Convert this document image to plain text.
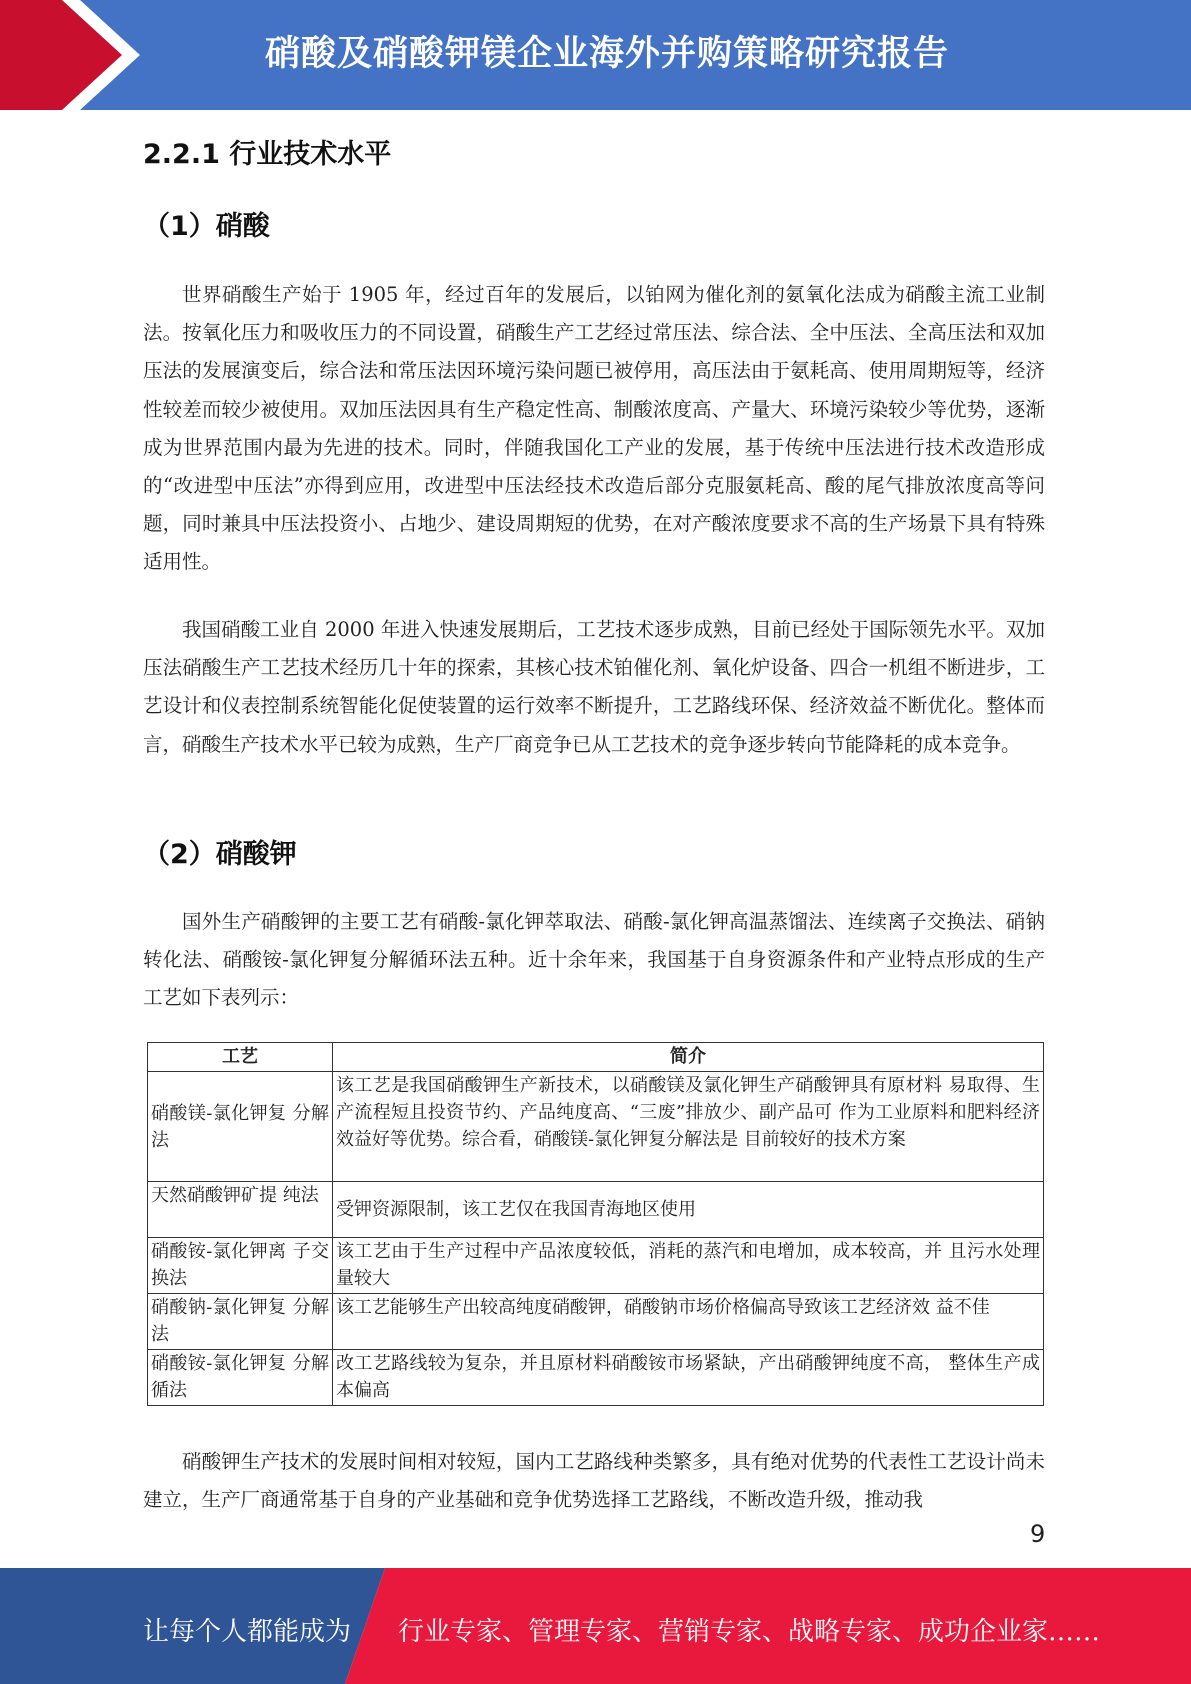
硝酸及硝酸钾镁企业海外并购策略研究报告
2.2.1 行业技术水平
（1）硝酸

世界硝酸生产始于 1905 年，经过百年的发展后，以铂网为催化剂的氨氧化法成为硝酸主流工业制法。按氧化压力和吸收压力的不同设置，硝酸生产工艺经过常压法、综合法、全中压法、全高压法和双加压法的发展演变后，综合法和常压法因环境污染问题已被停用，高压法由于氨耗高、使用周期短等，经济性较差而较少被使用。双加压法因具有生产稳定性高、制酸浓度高、产量大、环境污染较少等优势，逐渐成为世界范围内最为先进的技术。同时，伴随我国化工产业的发展，基于传统中压法进行技术改造形成的“改进型中压法”亦得到应用，改进型中压法经技术改造后部分克服氨耗高、酸的尾气排放浓度高等问题，同时兼具中压法投资小、占地少、建设周期短的优势，在对产酸浓度要求不高的生产场景下具有特殊适用性。

我国硝酸工业自 2000 年进入快速发展期后，工艺技术逐步成熟，目前已经处于国际领先水平。双加压法硝酸生产工艺技术经历几十年的探索，其核心技术铂催化剂、氧化炉设备、四合一机组不断进步，工艺设计和仪表控制系统智能化促使装置的运行效率不断提升，工艺路线环保、经济效益不断优化。整体而言，硝酸生产技术水平已较为成熟，生产厂商竞争已从工艺技术的竞争逐步转向节能降耗的成本竞争。

（2）硝酸钾

国外生产硝酸钾的主要工艺有硝酸-氯化钾萃取法、硝酸-氯化钾高温蒸馏法、连续离子交换法、硝钠转化法、硝酸铵-氯化钾复分解循环法五种。近十余年来，我国基于自身资源条件和产业特点形成的生产工艺如下表列示：

工艺	简介
硝酸镁-氯化钾复 分解法	该工艺是我国硝酸钾生产新技术，以硝酸镁及氯化钾生产硝酸钾具有原材料 易取得、生产流程短且投资节约、产品纯度高、“三废”排放少、副产品可 作为工业原料和肥料经济效益好等优势。综合看，硝酸镁-氯化钾复分解法是 目前较好的技术方案
天然硝酸钾矿提 纯法	受钾资源限制，该工艺仅在我国青海地区使用
硝酸铵-氯化钾离 子交换法	该工艺由于生产过程中产品浓度较低，消耗的蒸汽和电增加，成本较高，并 且污水处理量较大
硝酸钠-氯化钾复 分解法	该工艺能够生产出较高纯度硝酸钾，硝酸钠市场价格偏高导致该工艺经济效 益不佳
硝酸铵-氯化钾复 分解循法	改工艺路线较为复杂，并且原材料硝酸铵市场紧缺，产出硝酸钾纯度不高， 整体生产成本偏高

硝酸钾生产技术的发展时间相对较短，国内工艺路线种类繁多，具有绝对优势的代表性工艺设计尚未建立，生产厂商通常基于自身的产业基础和竞争优势选择工艺路线，不断改造升级，推动我

9
让每个人都能成为 行业专家、管理专家、营销专家、战略专家、成功企业家……
